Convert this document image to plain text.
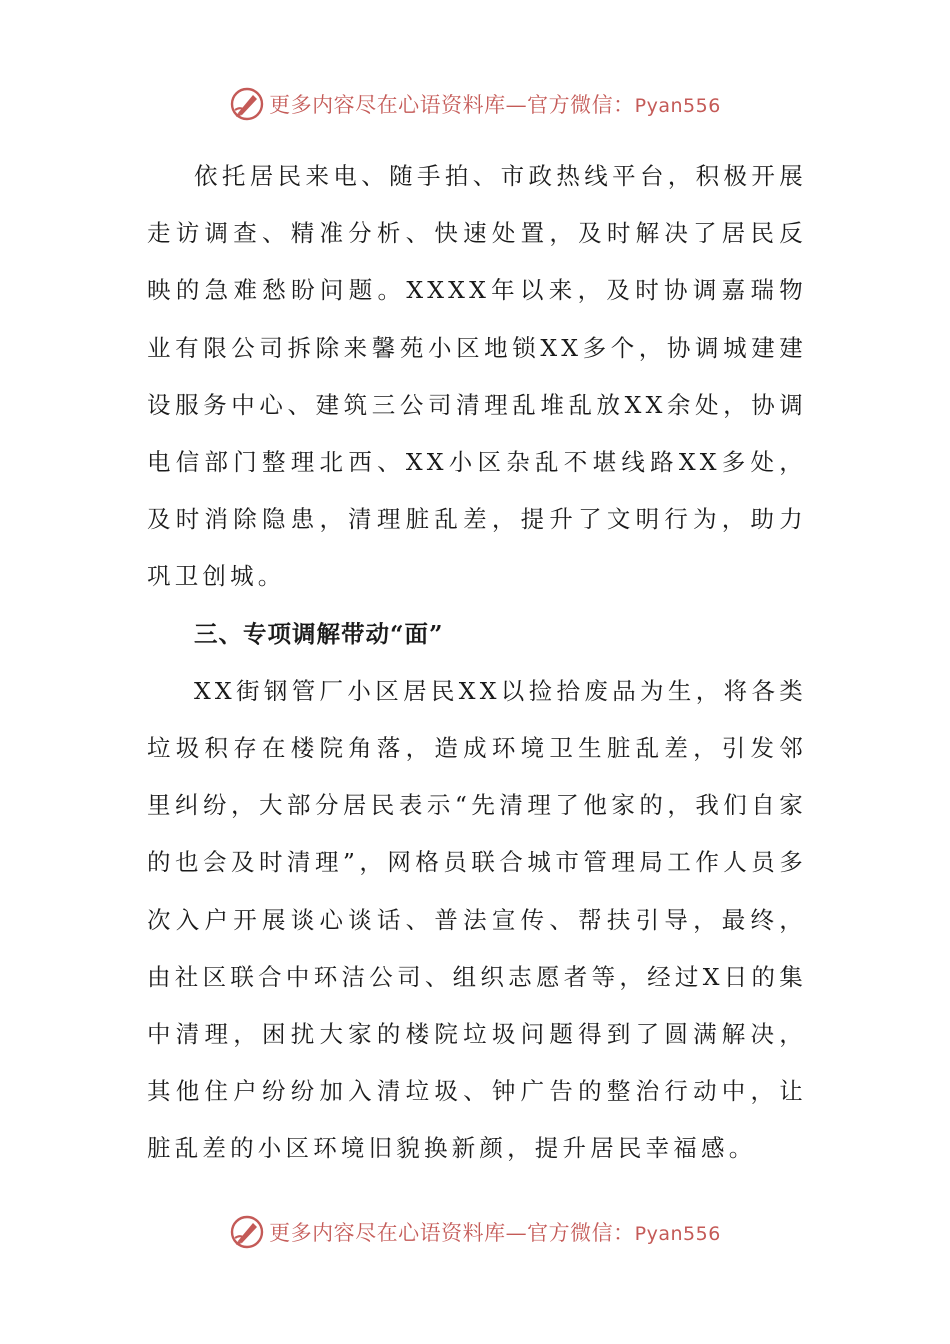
更多内容尽在心语资料库—官方微信：Pyan556

依托居民来电、随手拍、市政热线平台，积极开展走访调查、精准分析、快速处置，及时解决了居民反映的急难愁盼问题。XXXX年以来，及时协调嘉瑞物业有限公司拆除来馨苑小区地锁XX多个，协调城建建设服务中心、建筑三公司清理乱堆乱放XX余处，协调电信部门整理北西、XX小区杂乱不堪线路XX多处，及时消除隐患，清理脏乱差，提升了文明行为，助力巩卫创城。

三、专项调解带动“面”

XX街钢管厂小区居民XX以捡拾废品为生，将各类垃圾积存在楼院角落，造成环境卫生脏乱差，引发邻里纠纷，大部分居民表示“先清理了他家的，我们自家的也会及时清理”，网格员联合城市管理局工作人员多次入户开展谈心谈话、普法宣传、帮扶引导，最终，由社区联合中环洁公司、组织志愿者等，经过X日的集中清理，困扰大家的楼院垃圾问题得到了圆满解决，其他住户纷纷加入清垃圾、钟广告的整治行动中，让脏乱差的小区环境旧貌换新颜，提升居民幸福感。

更多内容尽在心语资料库—官方微信：Pyan556
